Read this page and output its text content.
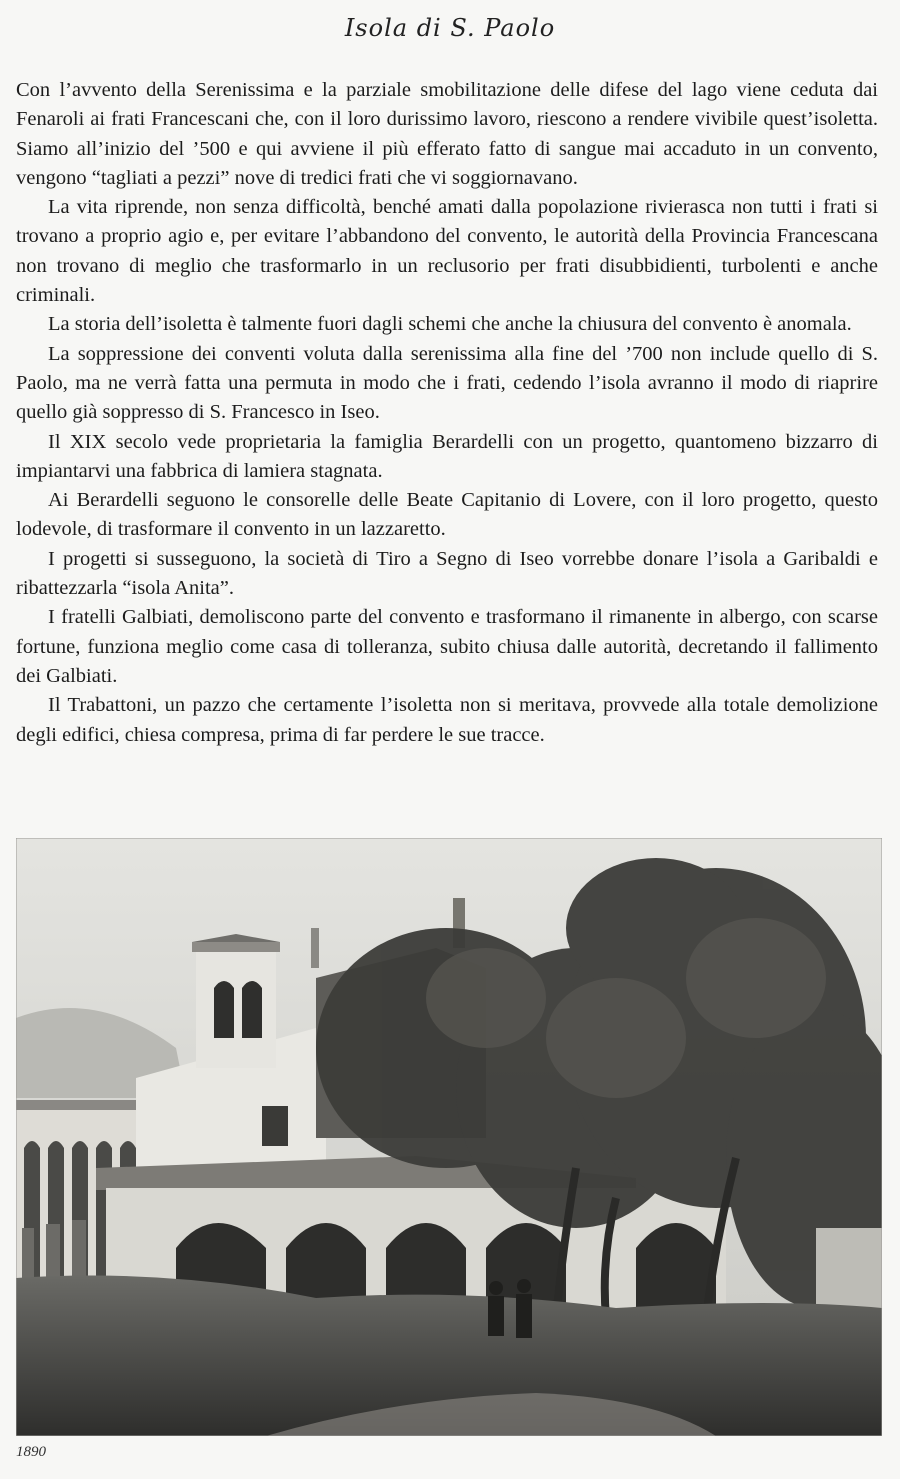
Isola di S. Paolo

Con l’avvento della Serenissima e la parziale smobilitazione delle difese del lago viene ceduta dai Fenaroli ai frati Francescani che, con il loro durissimo lavoro, riescono a rendere vivibile quest’isoletta. Siamo all’inizio del ’500 e qui avviene il più efferato fatto di sangue mai accaduto in un convento, vengono “tagliati a pezzi” nove di tredici frati che vi soggiornavano.

La vita riprende, non senza difficoltà, benché amati dalla popolazione rivierasca non tutti i frati si trovano a proprio agio e, per evitare l’abbandono del convento, le autorità della Provincia Francescana non trovano di meglio che trasformarlo in un reclusorio per frati disubbidienti, turbolenti e anche criminali.

La storia dell’isoletta è talmente fuori dagli schemi che anche la chiusura del convento è anomala.

La soppressione dei conventi voluta dalla serenissima alla fine del ’700 non include quello di S. Paolo, ma ne verrà fatta una permuta in modo che i frati, cedendo l’isola avranno il modo di riaprire quello già soppresso di S. Francesco in Iseo.

Il XIX secolo vede proprietaria la famiglia Berardelli con un progetto, quantomeno bizzarro di impiantarvi una fabbrica di lamiera stagnata.

Ai Berardelli seguono le consorelle delle Beate Capitanio di Lovere, con il loro progetto, questo lodevole, di trasformare il convento in un lazzaretto.

I progetti si susseguono, la società di Tiro a Segno di Iseo vorrebbe donare l’isola a Garibaldi e ribattezzarla “isola Anita”.

I fratelli Galbiati, demoliscono parte del convento e trasformano il rimanente in albergo, con scarse fortune, funziona meglio come casa di tolleranza, subito chiusa dalle autorità, decretando il fallimento dei Galbiati.

Il Trabattoni, un pazzo che certamente l’isoletta non si meritava, provvede alla totale demolizione degli edifici, chiesa compresa, prima di far perdere le sue tracce.

1890
